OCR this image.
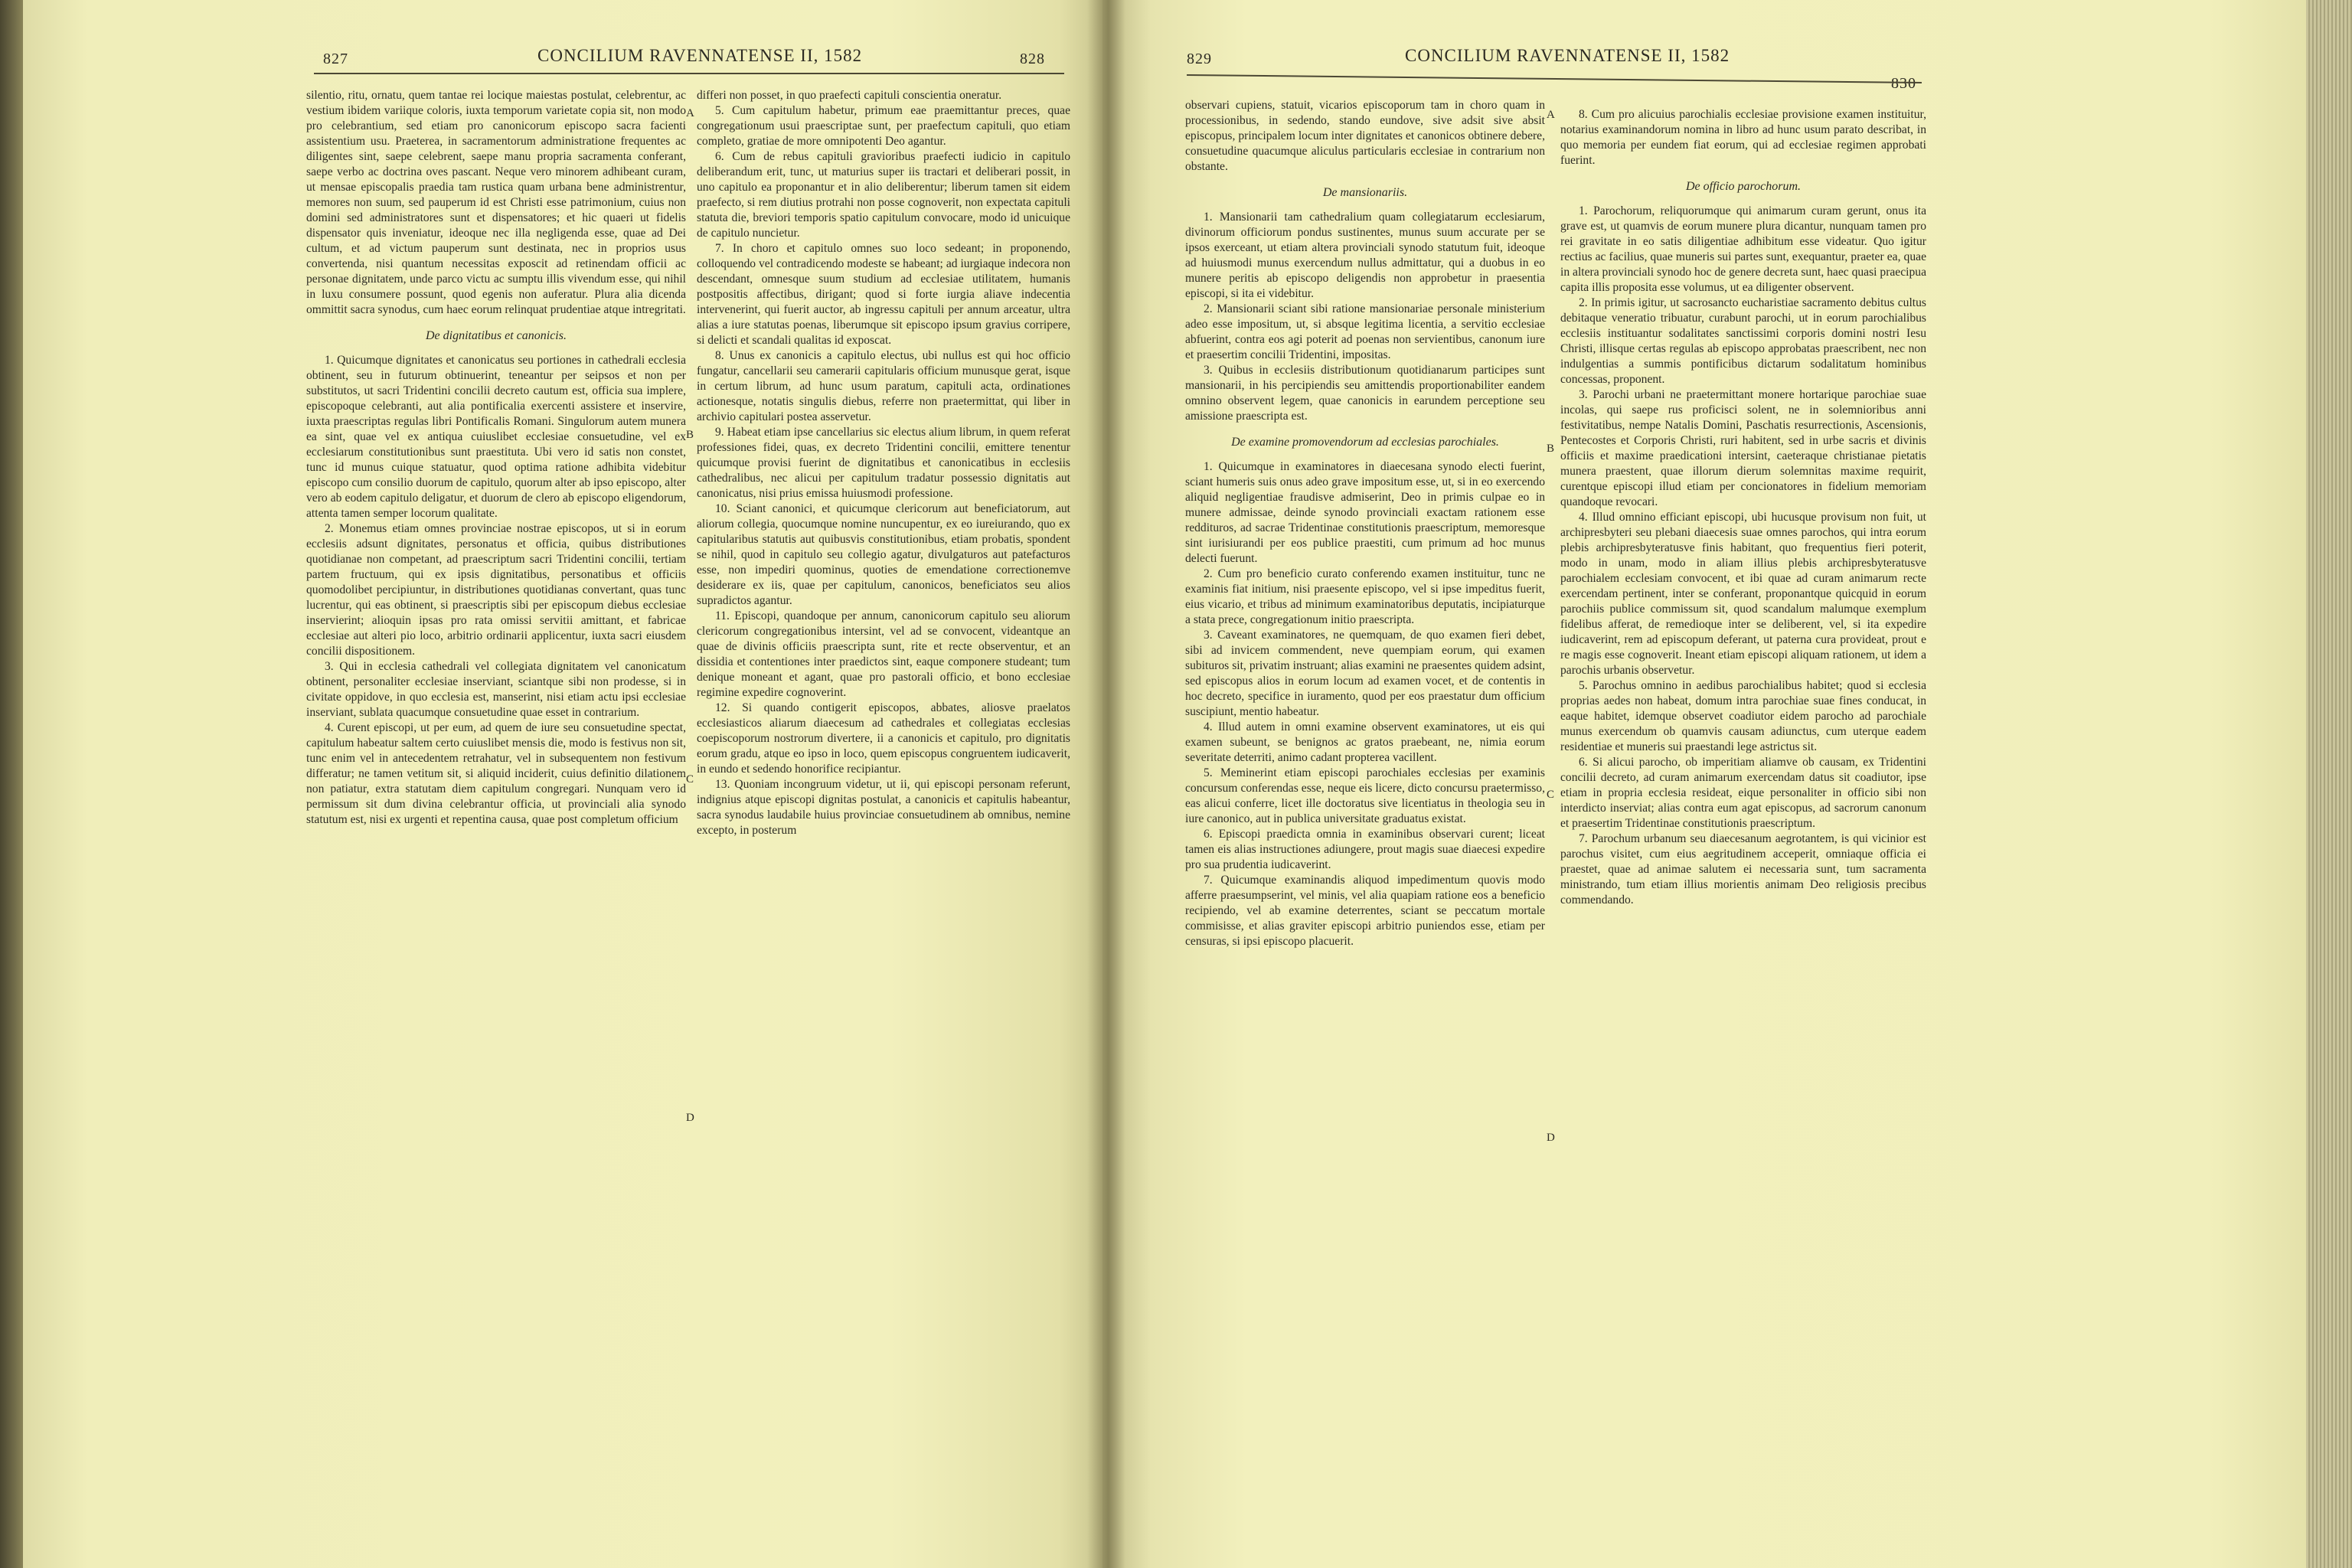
827	CONCILIUM RAVENNATENSE II, 1582	828

silentio, ritu, ornatu, quem tantae rei locique maiestas postulat, celebrentur, ac vestium ibidem variique coloris, iuxta temporum varietate copia sit, non modo pro celebrantium, sed etiam pro canonicorum episcopo sacra facienti assistentium usu. Praeterea, in sacramentorum administratione frequentes ac diligentes sint, saepe celebrent, saepe manu propria sacramenta conferant, saepe verbo ac doctrina oves pascant. Neque vero minorem adhibeant curam, ut mensae episcopalis praedia tam rustica quam urbana bene administrentur, memores non suum, sed pauperum id est Christi esse patrimonium, cuius non domini sed administratores sunt et dispensatores; et hic quaeri ut fidelis dispensator quis inveniatur, ideoque nec illa negligenda esse, quae ad Dei cultum, et ad victum pauperum sunt destinata, nec in proprios usus convertenda, nisi quantum necessitas exposcit ad retinendam officii ac personae dignitatem, unde parco victu ac sumptu illis vivendum esse, qui nihil in luxu consumere possunt, quod egenis non auferatur. Plura alia dicenda ommittit sacra synodus, cum haec eorum relinquat prudentiae atque intregritati.

De dignitatibus et canonicis.

1. Quicumque dignitates et canonicatus seu portiones in cathedrali ecclesia obtinent, seu in futurum obtinuerint, teneantur per seipsos et non per substitutos, ut sacri Tridentini concilii decreto cautum est, officia sua implere, episcopoque celebranti, aut alia pontificalia exercenti assistere et inservire, iuxta praescriptas regulas libri Pontificalis Romani. Singulorum autem munera ea sint, quae vel ex antiqua cuiuslibet ecclesiae consuetudine, vel ex ecclesiarum constitutionibus sunt praestituta. Ubi vero id satis non constet, tunc id munus cuique statuatur, quod optima ratione adhibita videbitur episcopo cum consilio duorum de capitulo, quorum alter ab ipso episcopo, alter vero ab eodem capitulo deligatur, et duorum de clero ab episcopo eligendorum, attenta tamen semper locorum qualitate.

2. Monemus etiam omnes provinciae nostrae episcopos, ut si in eorum ecclesiis adsunt dignitates, personatus et officia, quibus distributiones quotidianae non competant, ad praescriptum sacri Tridentini concilii, tertiam partem fructuum, qui ex ipsis dignitatibus, personatibus et officiis quomodolibet percipiuntur, in distributiones quotidianas convertant, quas tunc lucrentur, qui eas obtinent, si praescriptis sibi per episcopum diebus ecclesiae inservierint; alioquin ipsas pro rata omissi servitii amittant, et fabricae ecclesiae aut alteri pio loco, arbitrio ordinarii applicentur, iuxta sacri eiusdem concilii dispositionem.

3. Qui in ecclesia cathedrali vel collegiata dignitatem vel canonicatum obtinent, personaliter ecclesiae inserviant, sciantque sibi non prodesse, si in civitate oppidove, in quo ecclesia est, manserint, nisi etiam actu ipsi ecclesiae inserviant, sublata quacumque consuetudine quae esset in contrarium.

4. Curent episcopi, ut per eum, ad quem de iure seu consuetudine spectat, capitulum habeatur saltem certo cuiuslibet mensis die, modo is festivus non sit, tunc enim vel in antecedentem retrahatur, vel in subsequentem non festivum differatur; ne tamen vetitum sit, si aliquid inciderit, cuius definitio dilationem non patiatur, extra statutam diem capitulum congregari. Nunquam vero id permissum sit dum divina celebrantur officia, ut provinciali alia synodo statutum est, nisi ex urgenti et repentina causa, quae post completum officium

differi non posset, in quo praefecti capituli conscientia oneratur.

5. Cum capitulum habetur, primum eae praemittantur preces, quae congregationum usui praescriptae sunt, per praefectum capituli, quo etiam completo, gratiae de more omnipotenti Deo agantur.

6. Cum de rebus capituli gravioribus praefecti iudicio in capitulo deliberandum erit, tunc, ut maturius super iis tractari et deliberari possit, in uno capitulo ea proponantur et in alio deliberentur; liberum tamen sit eidem praefecto, si rem diutius protrahi non posse cognoverit, non expectata capituli statuta die, breviori temporis spatio capitulum convocare, modo id unicuique de capitulo nuncietur.

7. In choro et capitulo omnes suo loco sedeant; in proponendo, colloquendo vel contradicendo modeste se habeant; ad iurgiaque indecora non descendant, omnesque suum studium ad ecclesiae utilitatem, humanis postpositis affectibus, dirigant; quod si forte iurgia aliave indecentia intervenerint, qui fuerit auctor, ab ingressu capituli per annum arceatur, ultra alias a iure statutas poenas, liberumque sit episcopo ipsum gravius corripere, si delicti et scandali qualitas id exposcat.

8. Unus ex canonicis a capitulo electus, ubi nullus est qui hoc officio fungatur, cancellarii seu camerarii capitularis officium munusque gerat, isque in certum librum, ad hunc usum paratum, capituli acta, ordinationes actionesque, notatis singulis diebus, referre non praetermittat, qui liber in archivio capitulari postea asservetur.

9. Habeat etiam ipse cancellarius sic electus alium librum, in quem referat professiones fidei, quas, ex decreto Tridentini concilii, emittere tenentur quicumque provisi fuerint de dignitatibus et canonicatibus in ecclesiis cathedralibus, nec alicui per capitulum tradatur possessio dignitatis aut canonicatus, nisi prius emissa huiusmodi professione.

10. Sciant canonici, et quicumque clericorum aut beneficiatorum, aut aliorum collegia, quocumque nomine nuncupentur, ex eo iureiurando, quo ex capitularibus statutis aut quibusvis constitutionibus, etiam probatis, spondent se nihil, quod in capitulo seu collegio agatur, divulgaturos aut patefacturos esse, non impediri quominus, quoties de emendatione correctionemve desiderare ex iis, quae per capitulum, canonicos, beneficiatos seu alios supradictos agantur.

11. Episcopi, quandoque per annum, canonicorum capitulo seu aliorum clericorum congregationibus intersint, vel ad se convocent, videantque an quae de divinis officiis praescripta sunt, rite et recte observentur, et an dissidia et contentiones inter praedictos sint, eaque componere studeant; tum denique moneant et agant, quae pro pastorali officio, et bono ecclesiae regimine expedire cognoverint.

12. Si quando contigerit episcopos, abbates, aliosve praelatos ecclesiasticos aliarum diaecesum ad cathedrales et collegiatas ecclesias coepiscoporum nostrorum divertere, ii a canonicis et capitulo, pro dignitatis eorum gradu, atque eo ipso in loco, quem episcopus congruentem iudicaverit, in eundo et sedendo honorifice recipiantur.

13. Quoniam incongruum videtur, ut ii, qui episcopi personam referunt, indignius atque episcopi dignitas postulat, a canonicis et capitulis habeantur, sacra synodus laudabile huius provinciae consuetudinem ab omnibus, nemine excepto, in posterum

A
B
C
D
829	CONCILIUM RAVENNATENSE II, 1582
830

observari cupiens, statuit, vicarios episcoporum tam in choro quam in processionibus, in sedendo, stando eundove, sive adsit sive absit episcopus, principalem locum inter dignitates et canonicos obtinere debere, consuetudine quacumque aliculus particularis ecclesiae in contrarium non obstante.

De mansionariis.

1. Mansionarii tam cathedralium quam collegiatarum ecclesiarum, divinorum officiorum pondus sustinentes, munus suum accurate per se ipsos exerceant, ut etiam altera provinciali synodo statutum fuit, ideoque ad huiusmodi munus exercendum nullus admittatur, qui a duobus in eo munere peritis ab episcopo deligendis non approbetur in praesentia episcopi, si ita ei videbitur.

2. Mansionarii sciant sibi ratione mansionariae personale ministerium adeo esse impositum, ut, si absque legitima licentia, a servitio ecclesiae abfuerint, contra eos agi poterit ad poenas non servientibus, canonum iure et praesertim concilii Tridentini, impositas.

3. Quibus in ecclesiis distributionum quotidianarum participes sunt mansionarii, in his percipiendis seu amittendis proportionabiliter eandem omnino observent legem, quae canonicis in earundem perceptione seu amissione praescripta est.

De examine promovendorum ad ecclesias parochiales.

1. Quicumque in examinatores in diaecesana synodo electi fuerint, sciant humeris suis onus adeo grave impositum esse, ut, si in eo exercendo aliquid negligentiae fraudisve admiserint, Deo in primis culpae eo in munere admissae, deinde synodo provinciali exactam rationem esse reddituros, ad sacrae Tridentinae constitutionis praescriptum, memoresque sint iurisiurandi per eos publice praestiti, cum primum ad hoc munus delecti fuerunt.

2. Cum pro beneficio curato conferendo examen instituitur, tunc ne examinis fiat initium, nisi praesente episcopo, vel si ipse impeditus fuerit, eius vicario, et tribus ad minimum examinatoribus deputatis, incipiaturque a stata prece, congregationum initio praescripta.

3. Caveant examinatores, ne quemquam, de quo examen fieri debet, sibi ad invicem commendent, neve quempiam eorum, qui examen subituros sit, privatim instruant; alias examini ne praesentes quidem adsint, sed episcopus alios in eorum locum ad examen vocet, et de contentis in hoc decreto, specifice in iuramento, quod per eos praestatur dum officium suscipiunt, mentio habeatur.

4. Illud autem in omni examine observent examinatores, ut eis qui examen subeunt, se benignos ac gratos praebeant, ne, nimia eorum severitate deterriti, animo cadant propterea vacillent.

5. Meminerint etiam episcopi parochiales ecclesias per examinis concursum conferendas esse, neque eis licere, dicto concursu praetermisso, eas alicui conferre, licet ille doctoratus sive licentiatus in theologia seu in iure canonico, aut in publica universitate graduatus existat.

6. Episcopi praedicta omnia in examinibus observari curent; liceat tamen eis alias instructiones adiungere, prout magis suae diaecesi expedire pro sua prudentia iudicaverint.

7. Quicumque examinandis aliquod impedimentum quovis modo afferre praesumpserint, vel minis, vel alia quapiam ratione eos a beneficio recipiendo, vel ab examine deterrentes, sciant se peccatum mortale commisisse, et alias graviter episcopi arbitrio puniendos esse, etiam per censuras, si ipsi episcopo placuerit.

8. Cum pro alicuius parochialis ecclesiae provisione examen instituitur, notarius examinandorum nomina in libro ad hunc usum parato describat, in quo memoria per eundem fiat eorum, qui ad ecclesiae regimen approbati fuerint.

De officio parochorum.

1. Parochorum, reliquorumque qui animarum curam gerunt, onus ita grave est, ut quamvis de eorum munere plura dicantur, nunquam tamen pro rei gravitate in eo satis diligentiae adhibitum esse videatur. Quo igitur rectius ac facilius, quae muneris sui partes sunt, exequantur, praeter ea, quae in altera provinciali synodo hoc de genere decreta sunt, haec quasi praecipua capita illis proposita esse volumus, ut ea diligenter observent.

2. In primis igitur, ut sacrosancto eucharistiae sacramento debitus cultus debitaque veneratio tribuatur, curabunt parochi, ut in eorum parochialibus ecclesiis instituantur sodalitates sanctissimi corporis domini nostri Iesu Christi, illisque certas regulas ab episcopo approbatas praescribent, nec non indulgentias a summis pontificibus dictarum sodalitatum hominibus concessas, proponent.

3. Parochi urbani ne praetermittant monere hortarique parochiae suae incolas, qui saepe rus proficisci solent, ne in solemnioribus anni festivitatibus, nempe Natalis Domini, Paschatis resurrectionis, Ascensionis, Pentecostes et Corporis Christi, ruri habitent, sed in urbe sacris et divinis officiis et maxime praedicationi intersint, caeteraque christianae pietatis munera praestent, quae illorum dierum solemnitas maxime requirit, curentque episcopi illud etiam per concionatores in fidelium memoriam quandoque revocari.

4. Illud omnino efficiant episcopi, ubi hucusque provisum non fuit, ut archipresbyteri seu plebani diaecesis suae omnes parochos, qui intra eorum plebis archipresbyteratusve finis habitant, quo frequentius fieri poterit, modo in unam, modo in aliam illius plebis archipresbyteratusve parochialem ecclesiam convocent, et ibi quae ad curam animarum recte exercendam pertinent, inter se conferant, proponantque quicquid in eorum parochiis publice commissum sit, quod scandalum malumque exemplum fidelibus afferat, de remedioque inter se deliberent, vel, si ita expedire iudicaverint, rem ad episcopum deferant, ut paterna cura provideat, prout e re magis esse cognoverit. Ineant etiam episcopi aliquam rationem, ut idem a parochis urbanis observetur.

5. Parochus omnino in aedibus parochialibus habitet; quod si ecclesia proprias aedes non habeat, domum intra parochiae suae fines conducat, in eaque habitet, idemque observet coadiutor eidem parocho ad parochiale munus exercendum ob quamvis causam adiunctus, cum uterque eadem residentiae et muneris sui praestandi lege astrictus sit.

6. Si alicui parocho, ob imperitiam aliamve ob causam, ex Tridentini concilii decreto, ad curam animarum exercendam datus sit coadiutor, ipse etiam in propria ecclesia resideat, eique personaliter in officio sibi non interdicto inserviat; alias contra eum agat episcopus, ad sacrorum canonum et praesertim Tridentinae constitutionis praescriptum.

7. Parochum urbanum seu diaecesanum aegrotantem, is qui vicinior est parochus visitet, cum eius aegritudinem acceperit, omniaque officia ei praestet, quae ad animae salutem ei necessaria sunt, tum sacramenta ministrando, tum etiam illius morientis animam Deo religiosis precibus commendando.

A
B
C
D
